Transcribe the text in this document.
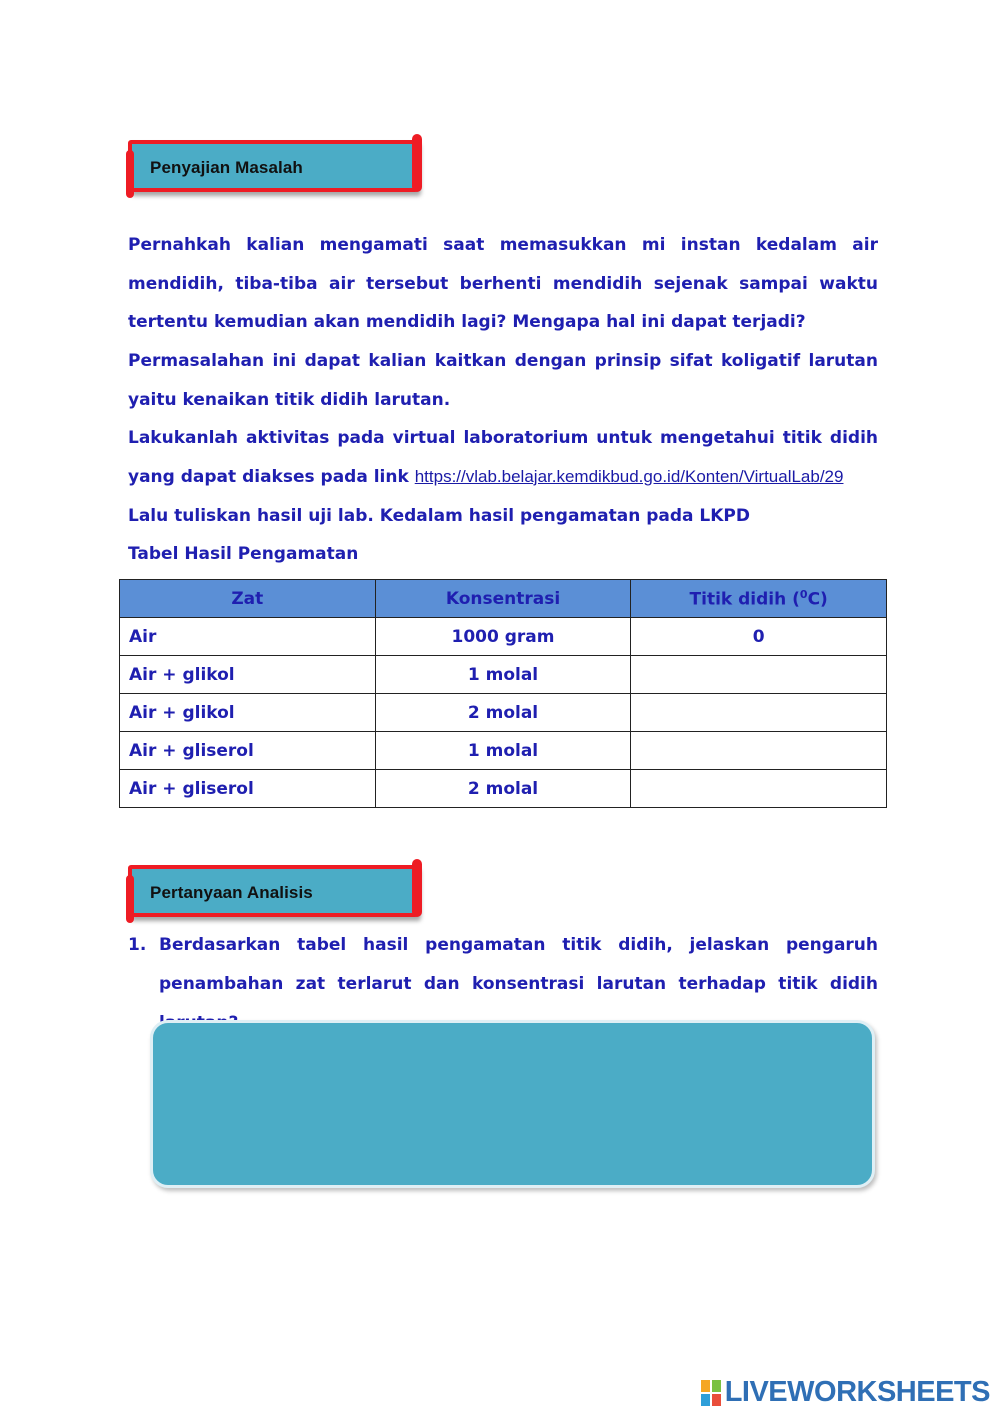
Penyajian Masalah
Pernahkah kalian mengamati saat memasukkan mi instan kedalam air mendidih, tiba-tiba air tersebut berhenti mendidih sejenak sampai waktu tertentu kemudian akan mendidih lagi? Mengapa hal ini dapat terjadi?
Permasalahan ini dapat kalian kaitkan dengan prinsip sifat koligatif larutan yaitu kenaikan titik didih larutan.
Lakukanlah aktivitas pada virtual laboratorium untuk mengetahui titik didih yang dapat diakses pada link https://vlab.belajar.kemdikbud.go.id/Konten/VirtualLab/29
Lalu tuliskan hasil uji lab. Kedalam hasil pengamatan pada LKPD
Tabel Hasil Pengamatan
Zat	Konsentrasi	Titik didih ($^0$C)
Air	1000 gram	0
Air + glikol	1 molal	
Air + glikol	2 molal	
Air + gliserol	1 molal	
Air + gliserol	2 molal	
Pertanyaan Analisis
1. Berdasarkan tabel hasil pengamatan titik didih, jelaskan pengaruh penambahan zat terlarut dan konsentrasi larutan terhadap titik didih
LIVEWORKSHEETS
